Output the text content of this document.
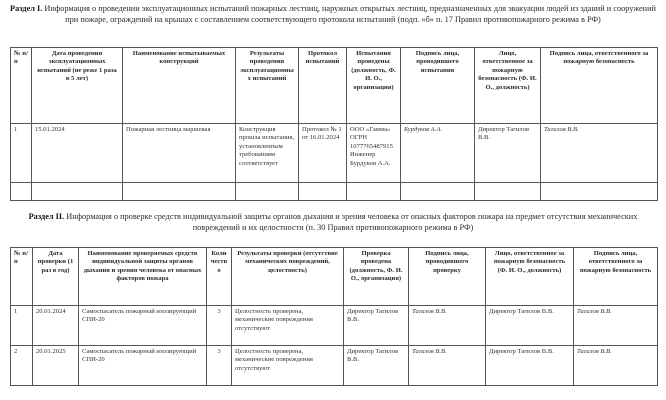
Раздел I. Информация о проведении эксплуатационных испытаний пожарных лестниц, наружных открытых лестниц, предназначенных для эвакуации людей из зданий и сооружений при пожаре, ограждений на крышах с составлением соответствующего протокола испытаний (подп. «б» п. 17 Правил противопожарного режима в РФ)
№ п/п	Дата проведения эксплуатационных испытаний (не реже 1 раза в 5 лет)	Наименование испытываемых конструкций	Результаты проведения эксплуатационных испытаний	Протокол испытаний	Испытания проведены (должность, Ф. И. О., организация)	Подпись лица, проводившего испытания	Лицо, ответственное за пожарную безопасность (Ф. И. О., должность)	Подпись лица, ответственного за пожарную безопасность
1	15.01.2024	Пожарная лестница маршевая	Конструкция прошла испытания, установленным требованиям соответствует	Протокол № 1 от 16.01.2024	ООО «Гамма» ОГРН 1077765487915 Инженер Бурдуков А.А.	Бурдуков А.А.	Директор Тагилов В.В.	Тагилов В.В.

Раздел II. Информация о проверке средств индивидуальной защиты органов дыхания и зрения человека от опасных факторов пожара на предмет отсутствия механических повреждений и их целостности (п. 30 Правил противопожарного режима в РФ)
№ п/п	Дата проверки (1 раз в год)	Наименование проверяемых средств индивидуальной защиты органов дыхания и зрения человека от опасных факторов пожара	Количество	Результаты проверки (отсутствие механических повреждений, целостность)	Проверка проведена (должность, Ф. И. О., организация)	Подпись лица, проводившего проверку	Лицо, ответственное за пожарную безопасность (Ф. И. О., должность)	Подпись лица, ответственного за пожарную безопасность
1	20.01.2024	Самоспасатель пожарный изолирующий СПИ-20	3	Целостность проверена, механические повреждения отсутствуют	Директор Тагилов В.В.	Тагилов В.В.	Директор Тагилов В.В.	Тагилов В.В.
2	20.01.2025	Самоспасатель пожарный изолирующий СПИ-20	3	Целостность проверена, механические повреждения отсутствуют	Директор Тагилов В.В.	Тагилов В.В.	Директор Тагилов В.В.	Тагилов В.В.
